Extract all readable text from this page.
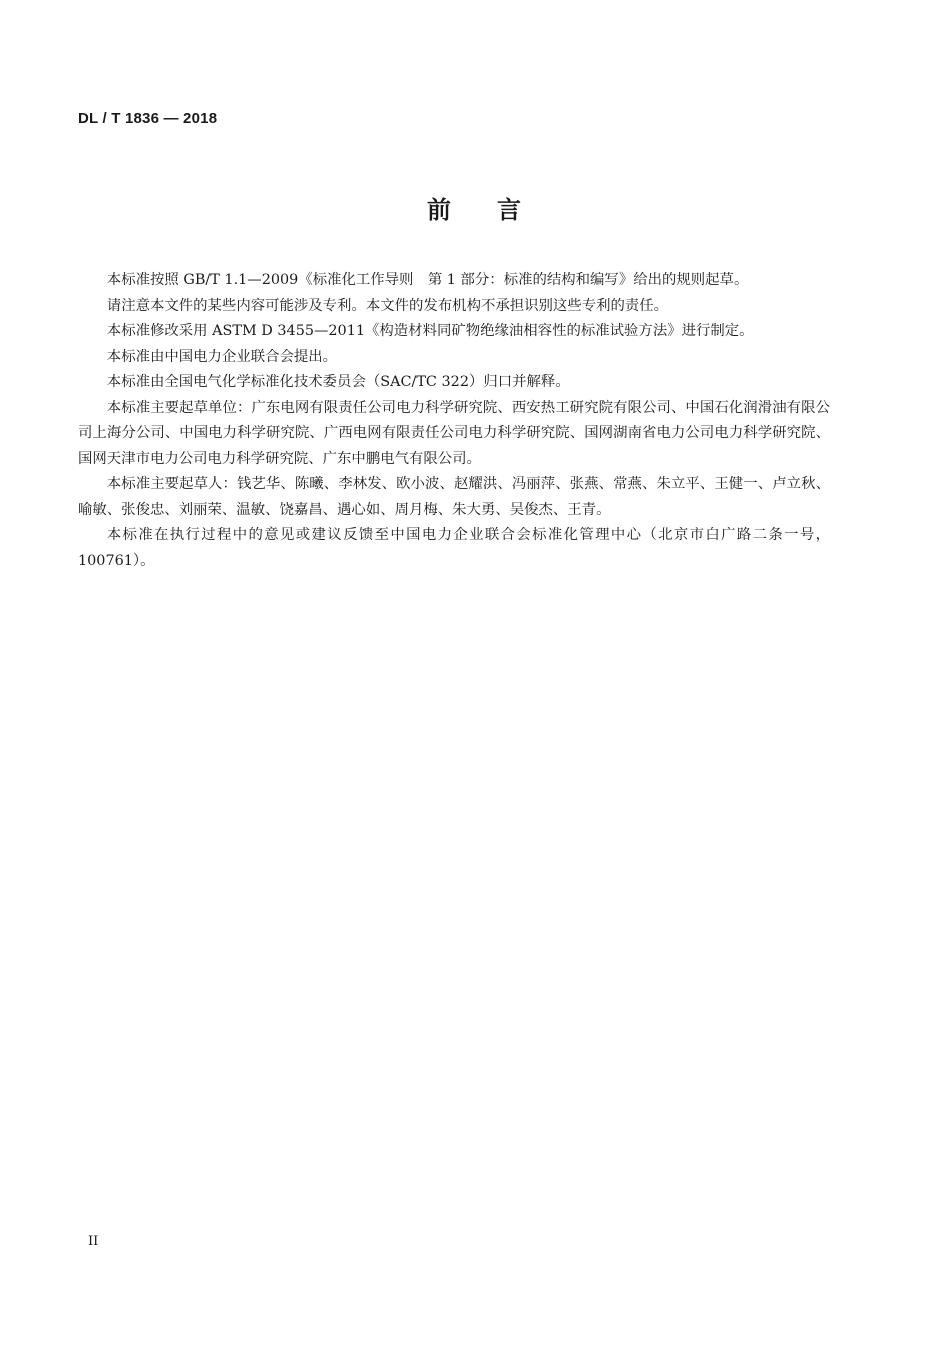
DL / T 1836 — 2018
前 言

本标准按照 GB/T 1.1—2009《标准化工作导则　第 1 部分：标准的结构和编写》给出的规则起草。

请注意本文件的某些内容可能涉及专利。本文件的发布机构不承担识别这些专利的责任。

本标准修改采用 ASTM D 3455—2011《构造材料同矿物绝缘油相容性的标准试验方法》进行制定。

本标准由中国电力企业联合会提出。

本标准由全国电气化学标准化技术委员会（SAC/TC 322）归口并解释。

本标准主要起草单位：广东电网有限责任公司电力科学研究院、西安热工研究院有限公司、中国石化润滑油有限公司上海分公司、中国电力科学研究院、广西电网有限责任公司电力科学研究院、国网湖南省电力公司电力科学研究院、国网天津市电力公司电力科学研究院、广东中鹏电气有限公司。

本标准主要起草人：钱艺华、陈曦、李林发、欧小波、赵耀洪、冯丽萍、张燕、常燕、朱立平、王健一、卢立秋、喻敏、张俊忠、刘丽荣、温敏、饶嘉昌、遇心如、周月梅、朱大勇、吴俊杰、王青。

本标准在执行过程中的意见或建议反馈至中国电力企业联合会标准化管理中心（北京市白广路二条一号，100761）。

II
